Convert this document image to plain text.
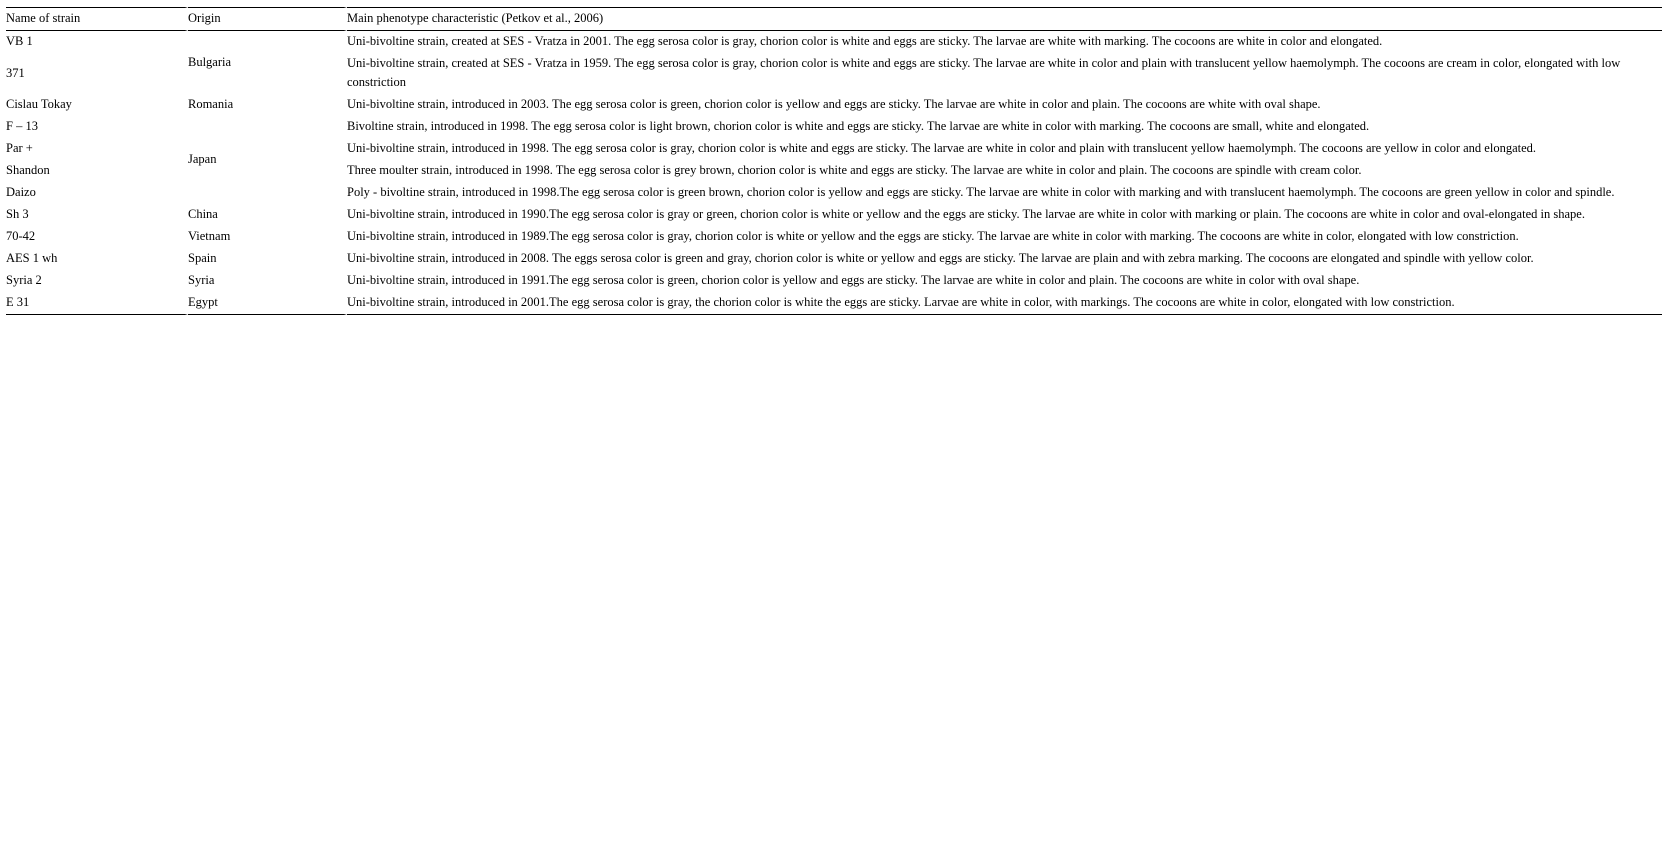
Name of strain	Origin	Main phenotype characteristic (Petkov et al., 2006)
VB 1	Bulgaria	Uni-bivoltine strain, created at SES - Vratza in 2001. The egg serosa color is gray, chorion color is white and eggs are sticky. The larvae are white with marking. The cocoons are white in color and elongated.
371		Uni-bivoltine strain, created at SES - Vratza in 1959. The egg serosa color is gray, chorion color is white and eggs are sticky. The larvae are white in color and plain with translucent yellow haemolymph. The cocoons are cream in color, elongated with low constriction
Cislau Tokay	Romania	Uni-bivoltine strain, introduced in 2003. The egg serosa color is green, chorion color is yellow and eggs are sticky. The larvae are white in color and plain. The cocoons are white with oval shape.
F – 13	Japan	Bivoltine strain, introduced in 1998. The egg serosa color is light brown, chorion color is white and eggs are sticky. The larvae are white in color with marking. The cocoons are small, white and elongated.
Par +		Uni-bivoltine strain, introduced in 1998. The egg serosa color is gray, chorion color is white and eggs are sticky. The larvae are white in color and plain with translucent yellow haemolymph. The cocoons are yellow in color and elongated.
Shandon		Three moulter strain, introduced in 1998. The egg serosa color is grey brown, chorion color is white and eggs are sticky. The larvae are white in color and plain. The cocoons are spindle with cream color.
Daizo		Poly - bivoltine strain, introduced in 1998.The egg serosa color is green brown, chorion color is yellow and eggs are sticky. The larvae are white in color with marking and with translucent haemolymph. The cocoons are green yellow in color and spindle.
Sh 3	China	Uni-bivoltine strain, introduced in 1990.The egg serosa color is gray or green, chorion color is white or yellow and the eggs are sticky. The larvae are white in color with marking or plain. The cocoons are white in color and oval-elongated in shape.
70-42	Vietnam	Uni-bivoltine strain, introduced in 1989.The egg serosa color is gray, chorion color is white or yellow and the eggs are sticky. The larvae are white in color with marking. The cocoons are white in color, elongated with low constriction.
AES 1 wh	Spain	Uni-bivoltine strain, introduced in 2008. The eggs serosa color is green and gray, chorion color is white or yellow and eggs are sticky. The larvae are plain and with zebra marking. The cocoons are elongated and spindle with yellow color.
Syria 2	Syria	Uni-bivoltine strain, introduced in 1991.The egg serosa color is green, chorion color is yellow and eggs are sticky. The larvae are white in color and plain. The cocoons are white in color with oval shape.
E 31	Egypt	Uni-bivoltine strain, introduced in 2001.The egg serosa color is gray, the chorion color is white the eggs are sticky. Larvae are white in color, with markings. The cocoons are white in color, elongated with low constriction.
